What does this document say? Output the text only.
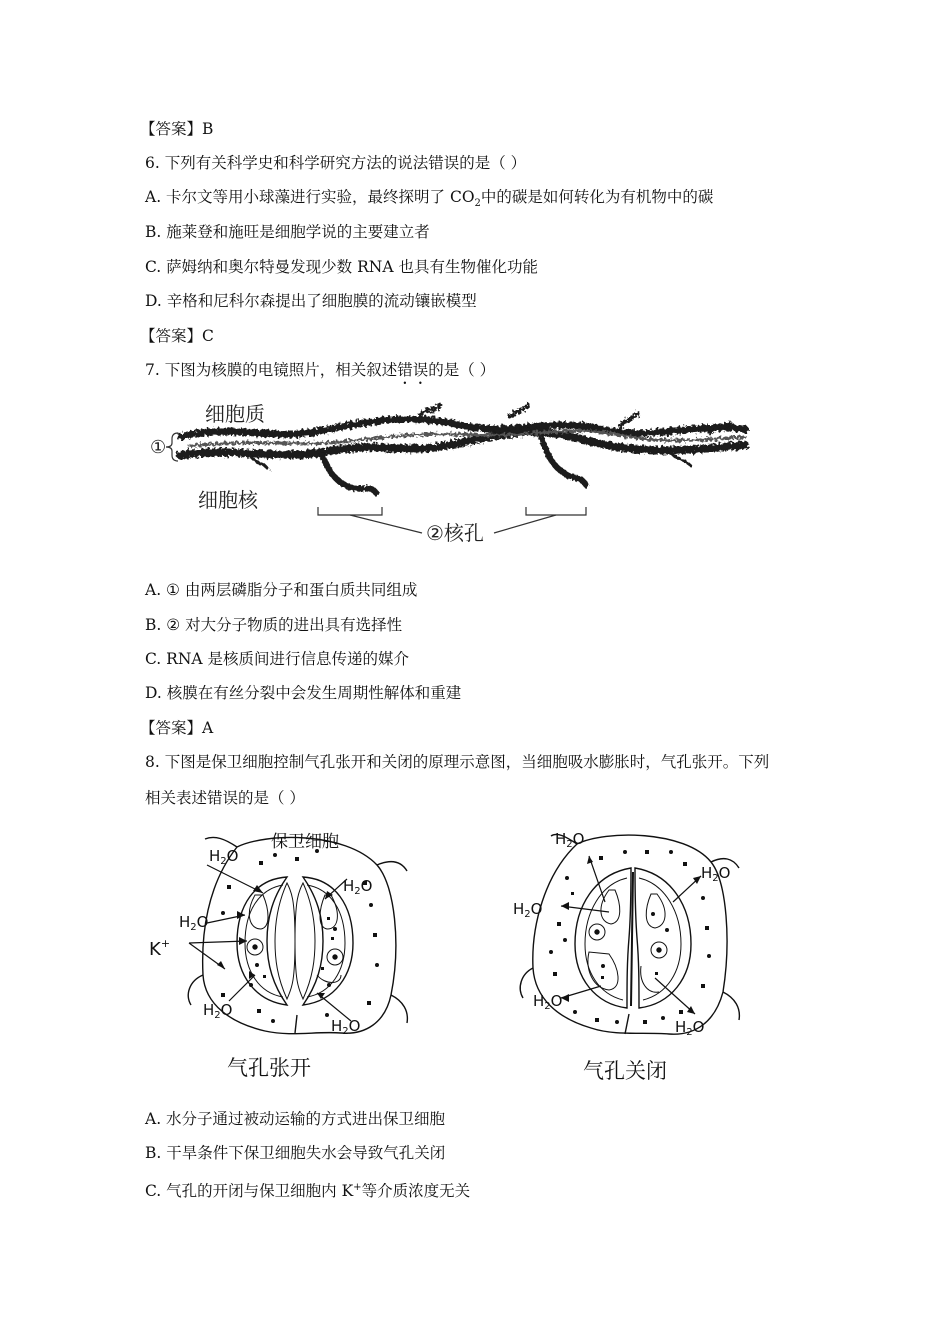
【答案】B
6. 下列有关科学史和科学研究方法的说法错误的是（ ）
A. 卡尔文等用小球藻进行实验，最终探明了 $CO_2$中的碳是如何转化为有机物中的碳
B. 施莱登和施旺是细胞学说的主要建立者
C. 萨姆纳和奥尔特曼发现少数 RNA 也具有生物催化功能
D. 辛格和尼科尔森提出了细胞膜的流动镶嵌模型
【答案】C
7. 下图为核膜的电镜照片，相关叙述错误的是（ ）
细胞质
细胞核
①
②核孔
A. ① 由两层磷脂分子和蛋白质共同组成
B. ② 对大分子物质的进出具有选择性
C. RNA 是核质间进行信息传递的媒介
D. 核膜在有丝分裂中会发生周期性解体和重建
【答案】A
8. 下图是保卫细胞控制气孔张开和关闭的原理示意图，当细胞吸水膨胀时，气孔张开。下列
相关表述错误的是（ ）
保卫细胞
$H_2O$
$H_2O$
$H_2O$
K+
$H_2O$
$H_2O$
气孔张开
$H_2O$
$H_2O$
$H_2O$
$H_2O$
$H_2O$
气孔关闭
A. 水分子通过被动运输的方式进出保卫细胞
B. 干旱条件下保卫细胞失水会导致气孔关闭
C. 气孔的开闭与保卫细胞内 K+等介质浓度无关
